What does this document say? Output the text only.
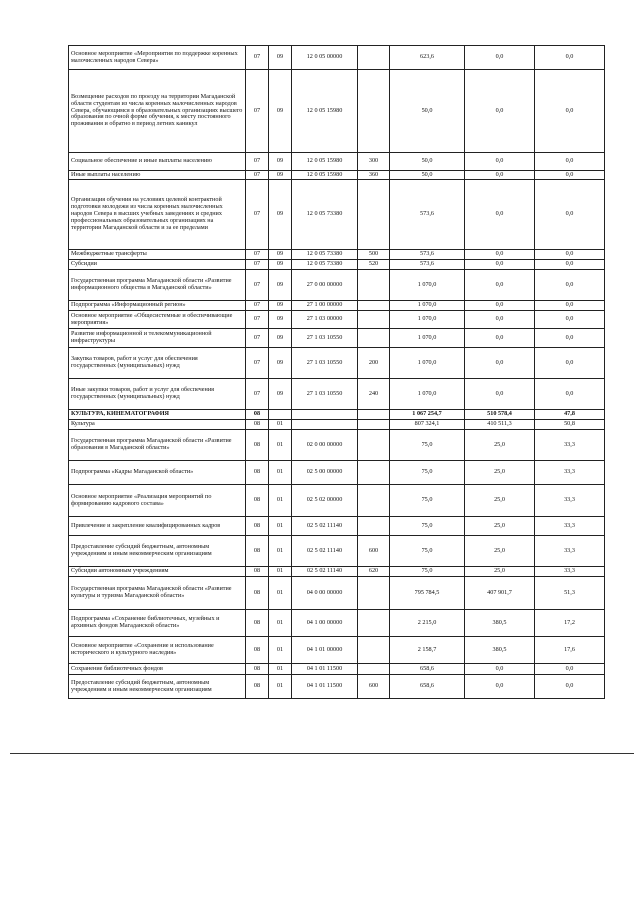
Основное мероприятие «Мероприятия по поддержке коренных малочисленных народов Севера»	07	09	12 0 05 00000		623,6	0,0	0,0
Возмещение расходов по проезду на территории Магаданской области студентам из числа коренных малочисленных народов Севера, обучающимся в образовательных организациях высшего образования по очной форме обучения, к месту постоянного проживания и обратно в период летних каникул	07	09	12 0 05 15980		50,0	0,0	0,0
Социальное обеспечение и иные выплаты населению	07	09	12 0 05 15980	300	50,0	0,0	0,0
Иные выплаты населению	07	09	12 0 05 15980	360	50,0	0,0	0,0
Организация обучения на условиях целевой контрактной подготовки молодежи из числа коренных малочисленных народов Севера в высших учебных заведениях и средних профессиональных образовательных организациях на территории Магаданской области и за ее пределами	07	09	12 0 05 73380		573,6	0,0	0,0
Межбюджетные трансферты	07	09	12 0 05 73380	500	573,6	0,0	0,0
Субсидии	07	09	12 0 05 73380	520	573,6	0,0	0,0
Государственная программа Магаданской области «Развитие информационного общества в Магаданской области»	07	09	27 0 00 00000		1 070,0	0,0	0,0
Подпрограмма «Информационный регион»	07	09	27 1 00 00000		1 070,0	0,0	0,0
Основное мероприятие «Общесистемные и обеспечивающие мероприятия»	07	09	27 1 03 00000		1 070,0	0,0	0,0
Развитие информационной и телекоммуникационной инфраструктуры	07	09	27 1 03 10550		1 070,0	0,0	0,0
Закупка товаров, работ и услуг для обеспечения государственных (муниципальных) нужд	07	09	27 1 03 10550	200	1 070,0	0,0	0,0
Иные закупки товаров, работ и услуг для обеспечения государственных (муниципальных) нужд	07	09	27 1 03 10550	240	1 070,0	0,0	0,0
КУЛЬТУРА, КИНЕМАТОГРАФИЯ	08				1 067 254,7	510 578,4	47,8
Культура	08	01			807 324,1	410 511,3	50,8
Государственная программа Магаданской области «Развитие образования в Магаданской области»	08	01	02 0 00 00000		75,0	25,0	33,3
Подпрограмма «Кадры Магаданской области»	08	01	02 5 00 00000		75,0	25,0	33,3
Основное мероприятие «Реализация мероприятий по формированию кадрового состава»	08	01	02 5 02 00000		75,0	25,0	33,3
Привлечение и закрепление квалифицированных кадров	08	01	02 5 02 11140		75,0	25,0	33,3
Предоставление субсидий бюджетным, автономным учреждениям и иным некоммерческим организациям	08	01	02 5 02 11140	600	75,0	25,0	33,3
Субсидии автономным учреждениям	08	01	02 5 02 11140	620	75,0	25,0	33,3
Государственная программа Магаданской области «Развитие культуры и туризма Магаданской области»	08	01	04 0 00 00000		795 784,5	407 901,7	51,3
Подпрограмма «Сохранение библиотечных, музейных и архивных фондов Магаданской области»	08	01	04 1 00 00000		2 215,0	380,5	17,2
Основное мероприятие «Сохранение и использование исторического и культурного наследия»	08	01	04 1 01 00000		2 158,7	380,5	17,6
Сохранение библиотечных фондов	08	01	04 1 01 11500		658,6	0,0	0,0
Предоставление субсидий бюджетным, автономным учреждениям и иным некоммерческим организациям	08	01	04 1 01 11500	600	658,6	0,0	0,0
